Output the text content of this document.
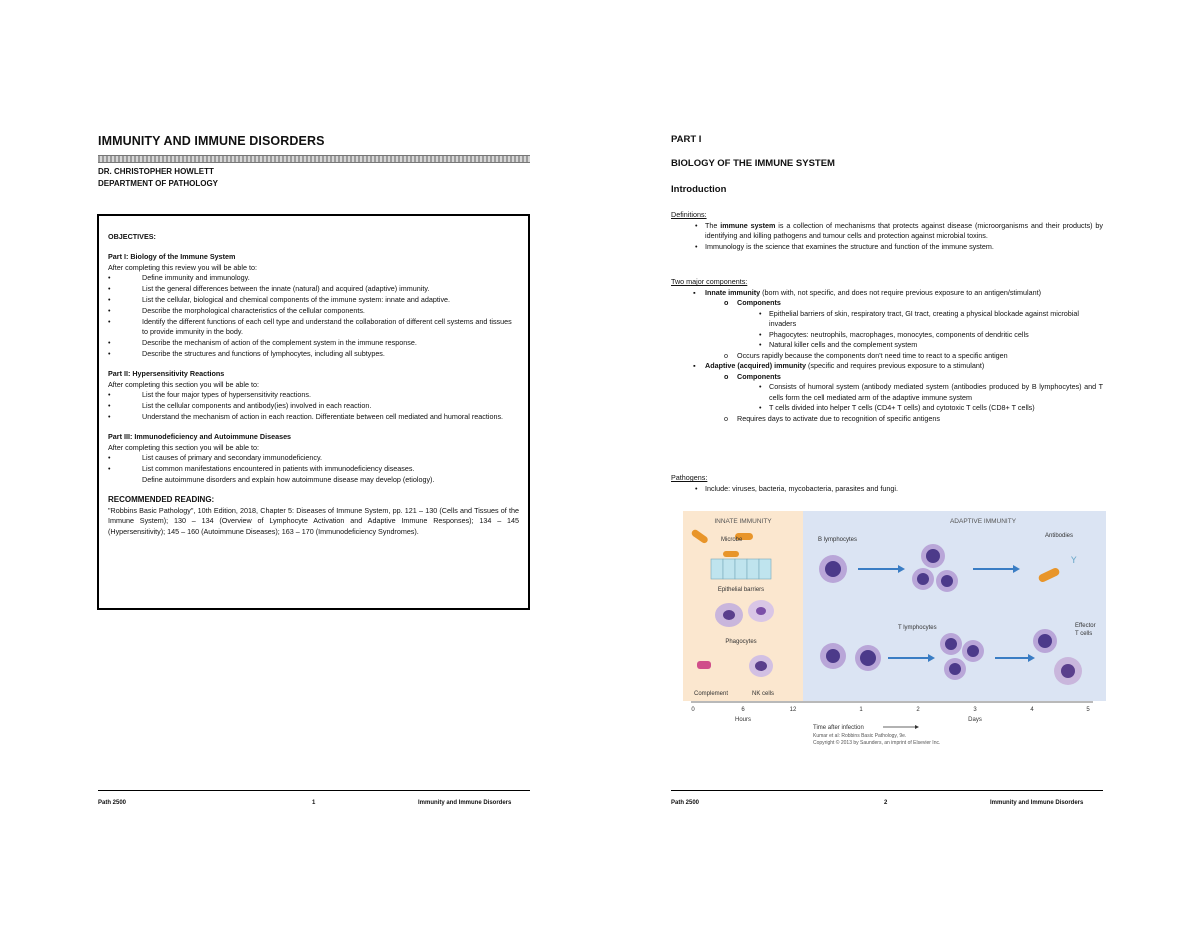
IMMUNITY AND IMMUNE DISORDERS
DR. CHRISTOPHER HOWLETT
DEPARTMENT OF PATHOLOGY
OBJECTIVES:
Part I: Biology of the Immune System
After completing this review you will be able to:
• Define immunity and immunology.
• List the general differences between the innate (natural) and acquired (adaptive) immunity.
• List the cellular, biological and chemical components of the immune system: innate and adaptive.
• Describe the morphological characteristics of the cellular components.
• Identify the different functions of each cell type and understand the collaboration of different cell systems and tissues to provide immunity in the body.
• Describe the mechanism of action of the complement system in the immune response.
• Describe the structures and functions of lymphocytes, including all subtypes.
Part II: Hypersensitivity Reactions
After completing this section you will be able to:
• List the four major types of hypersensitivity reactions.
• List the cellular components and antibody(ies) involved in each reaction.
• Understand the mechanism of action in each reaction. Differentiate between cell mediated and humoral reactions.
Part III: Immunodeficiency and Autoimmune Diseases
After completing this section you will be able to:
• List causes of primary and secondary immunodeficiency.
• List common manifestations encountered in patients with immunodeficiency diseases.
Define autoimmune disorders and explain how autoimmune disease may develop (etiology).
RECOMMENDED READING:
"Robbins Basic Pathology", 10th Edition, 2018, Chapter 5: Diseases of Immune System, pp. 121 – 130 (Cells and Tissues of the Immune System); 130 – 134 (Overview of Lymphocyte Activation and Adaptive Immune Responses); 134 – 145 (Hypersensitivity); 145 – 160 (Autoimmune Diseases); 163 – 170 (Immunodeficiency Syndromes).
Path 2500	1	Immunity and Immune Disorders
PART I
BIOLOGY OF THE IMMUNE SYSTEM
Introduction
Definitions:
• The immune system is a collection of mechanisms that protects against disease (microorganisms and their products) by identifying and killing pathogens and tumour cells and protection against microbial toxins.
• Immunology is the science that examines the structure and function of the immune system.
Two major components:
▪ Innate immunity (born with, not specific, and does not require previous exposure to an antigen/stimulant)
o Components
• Epithelial barriers of skin, respiratory tract, GI tract, creating a physical blockade against microbial invaders
• Phagocytes: neutrophils, macrophages, monocytes, components of dendritic cells
• Natural killer cells and the complement system
o Occurs rapidly because the components don't need time to react to a specific antigen
▪ Adaptive (acquired) immunity (specific and requires previous exposure to a stimulant)
o Components
• Consists of humoral system (antibody mediated system (antibodies produced by B lymphocytes) and T cells form the cell mediated arm of the adaptive immune system
• T cells divided into helper T cells (CD4+ T cells) and cytotoxic T cells (CD8+ T cells)
o Requires days to activate due to recognition of specific antigens
Pathogens:
• Include: viruses, bacteria, mycobacteria, parasites and fungi.
INNATE IMMUNITY	ADAPTIVE IMMUNITY
Microbe
Epithelial barriers
Phagocytes
Complement	NK cells
B lymphocytes
Antibodies
Y
T lymphocytes	Effector
T cells
0	6	12	1	2	3	4	5
Hours	Days
Time after infection
Kumar et al: Robbins Basic Pathology, 9e.
Copyright © 2013 by Saunders, an imprint of Elsevier Inc.
Path 2500	2	Immunity and Immune Disorders
